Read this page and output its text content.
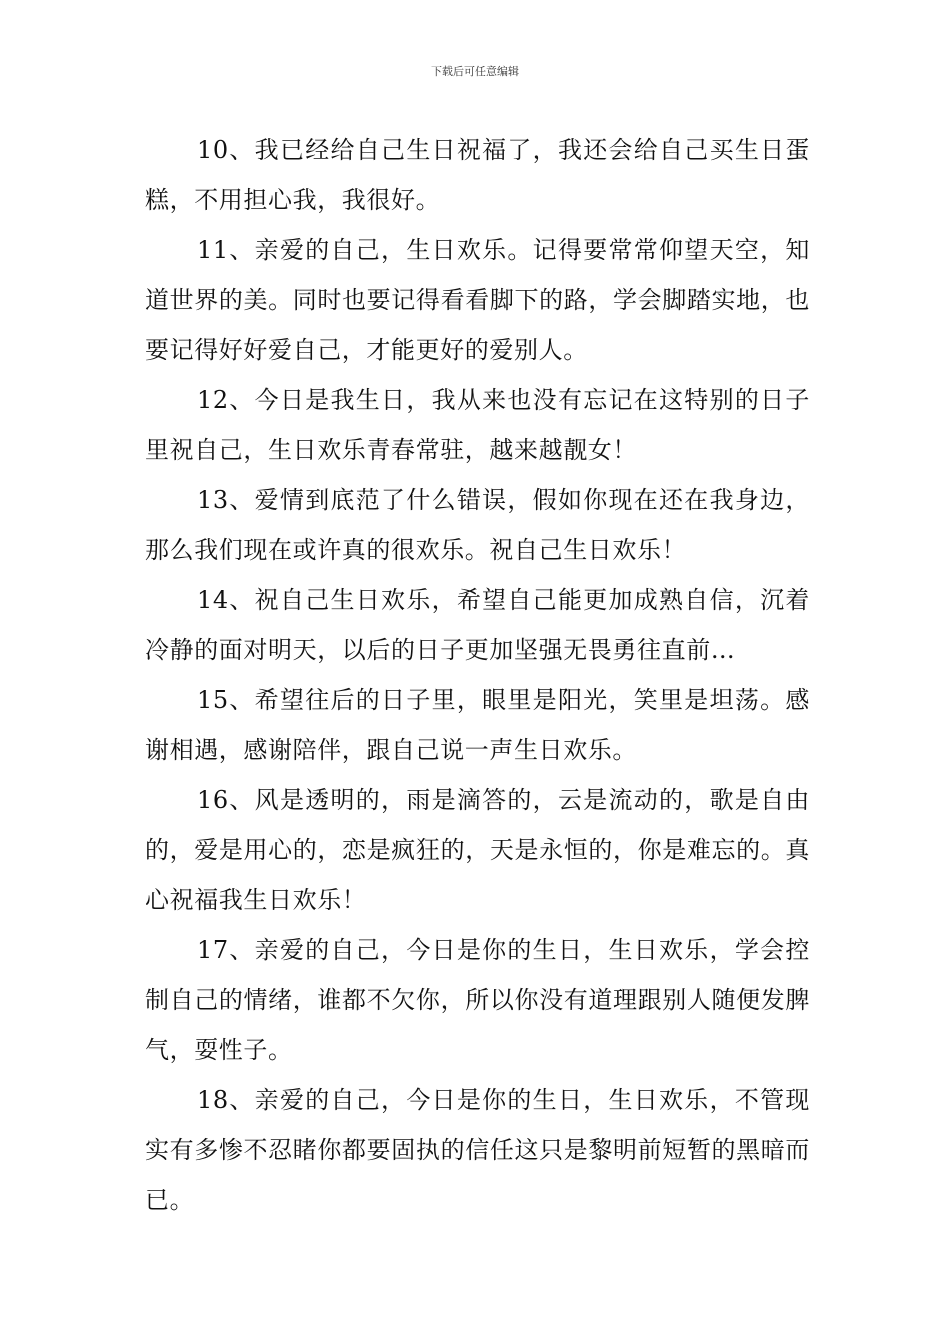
下载后可任意编辑

10、我已经给自己生日祝福了，我还会给自己买生日蛋糕，不用担心我，我很好。

11、亲爱的自己，生日欢乐。记得要常常仰望天空，知道世界的美。同时也要记得看看脚下的路，学会脚踏实地，也要记得好好爱自己，才能更好的爱别人。

12、今日是我生日，我从来也没有忘记在这特别的日子里祝自己，生日欢乐青春常驻，越来越靓女！

13、爱情到底范了什么错误，假如你现在还在我身边，那么我们现在或许真的很欢乐。祝自己生日欢乐！

14、祝自己生日欢乐，希望自己能更加成熟自信，沉着冷静的面对明天，以后的日子更加坚强无畏勇往直前…

15、希望往后的日子里，眼里是阳光，笑里是坦荡。感谢相遇，感谢陪伴，跟自己说一声生日欢乐。

16、风是透明的，雨是滴答的，云是流动的，歌是自由的，爱是用心的，恋是疯狂的，天是永恒的，你是难忘的。真心祝福我生日欢乐！

17、亲爱的自己，今日是你的生日，生日欢乐，学会控制自己的情绪，谁都不欠你，所以你没有道理跟别人随便发脾气，耍性子。

18、亲爱的自己，今日是你的生日，生日欢乐，不管现实有多惨不忍睹你都要固执的信任这只是黎明前短暂的黑暗而已。
